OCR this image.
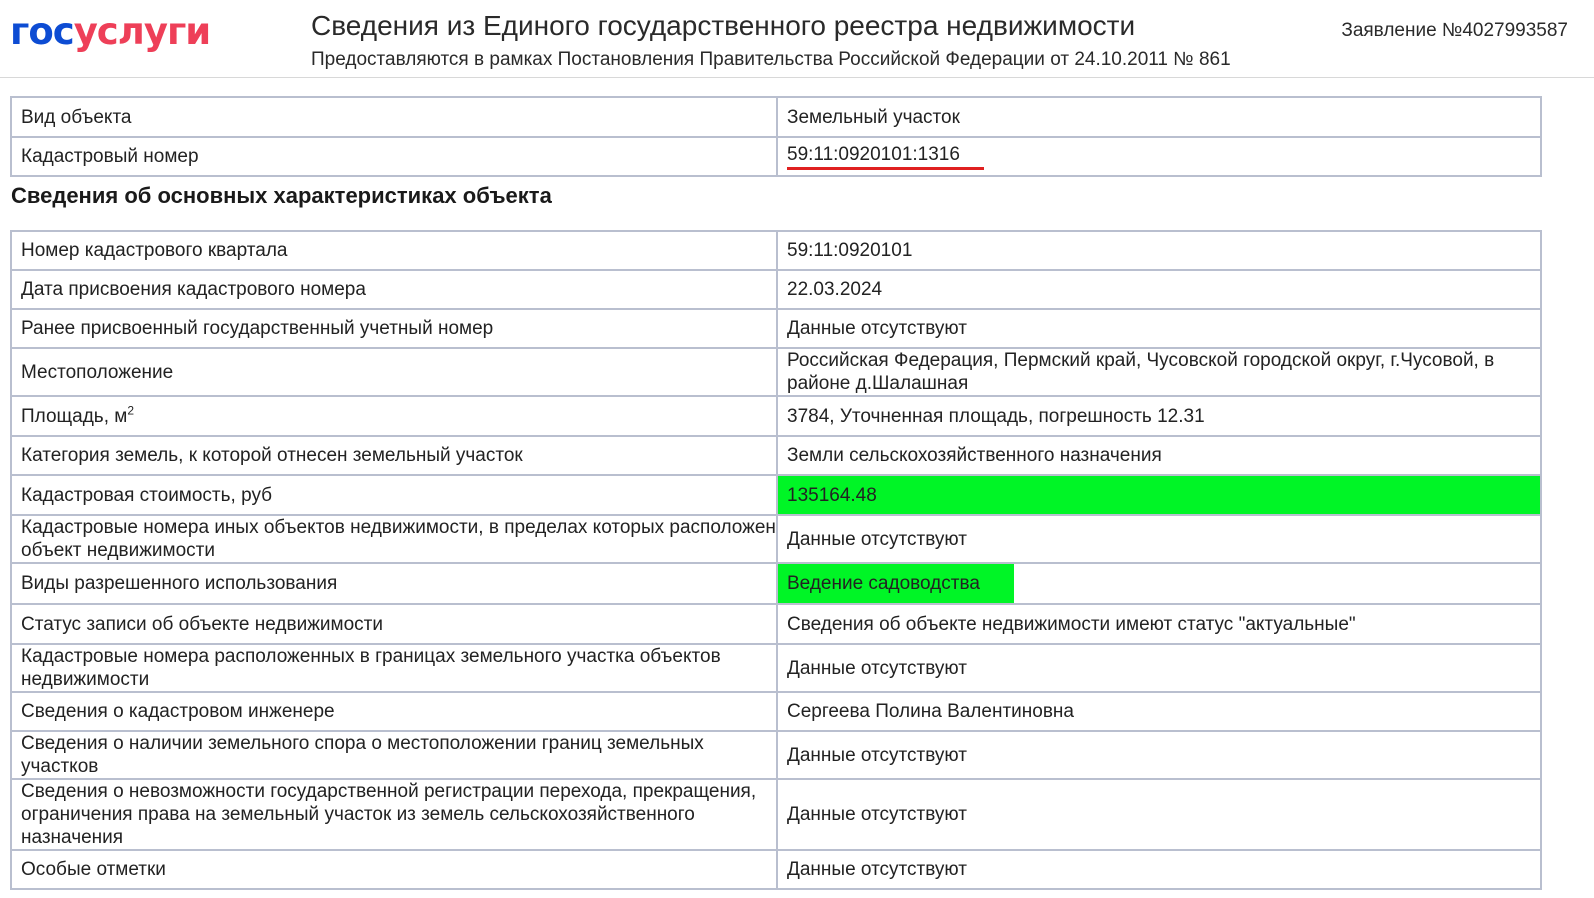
госуслуги	Сведения из Единого государственного реестра недвижимости
Предоставляются в рамках Постановления Правительства Российской Федерации от 24.10.2011 № 861
Заявление №4027993587
Вид объекта	Земельный участок
Кадастровый номер	59:11:0920101:1316
Сведения об основных характеристиках объекта
Номер кадастрового квартала	59:11:0920101
Дата присвоения кадастрового номера	22.03.2024
Ранее присвоенный государственный учетный номер	Данные отсутствуют
Местоположение	Российская Федерация, Пермский край, Чусовской городской округ, г.Чусовой, в районе д.Шалашная
Площадь, $м^2$	3784, Уточненная площадь, погрешность 12.31
Категория земель, к которой отнесен земельный участок	Земли сельскохозяйственного назначения
Кадастровая стоимость, руб	135164.48
Кадастровые номера иных объектов недвижимости, в пределах которых расположен объект недвижимости	Данные отсутствуют
Виды разрешенного использования	Ведение садоводства
Статус записи об объекте недвижимости	Сведения об объекте недвижимости имеют статус "актуальные"
Кадастровые номера расположенных в границах земельного участка объектов недвижимости	Данные отсутствуют
Сведения о кадастровом инженере	Сергеева Полина Валентиновна
Сведения о наличии земельного спора о местоположении границ земельных участков	Данные отсутствуют
Сведения о невозможности государственной регистрации перехода, прекращения, ограничения права на земельный участок из земель сельскохозяйственного назначения	Данные отсутствуют
Особые отметки	Данные отсутствуют
